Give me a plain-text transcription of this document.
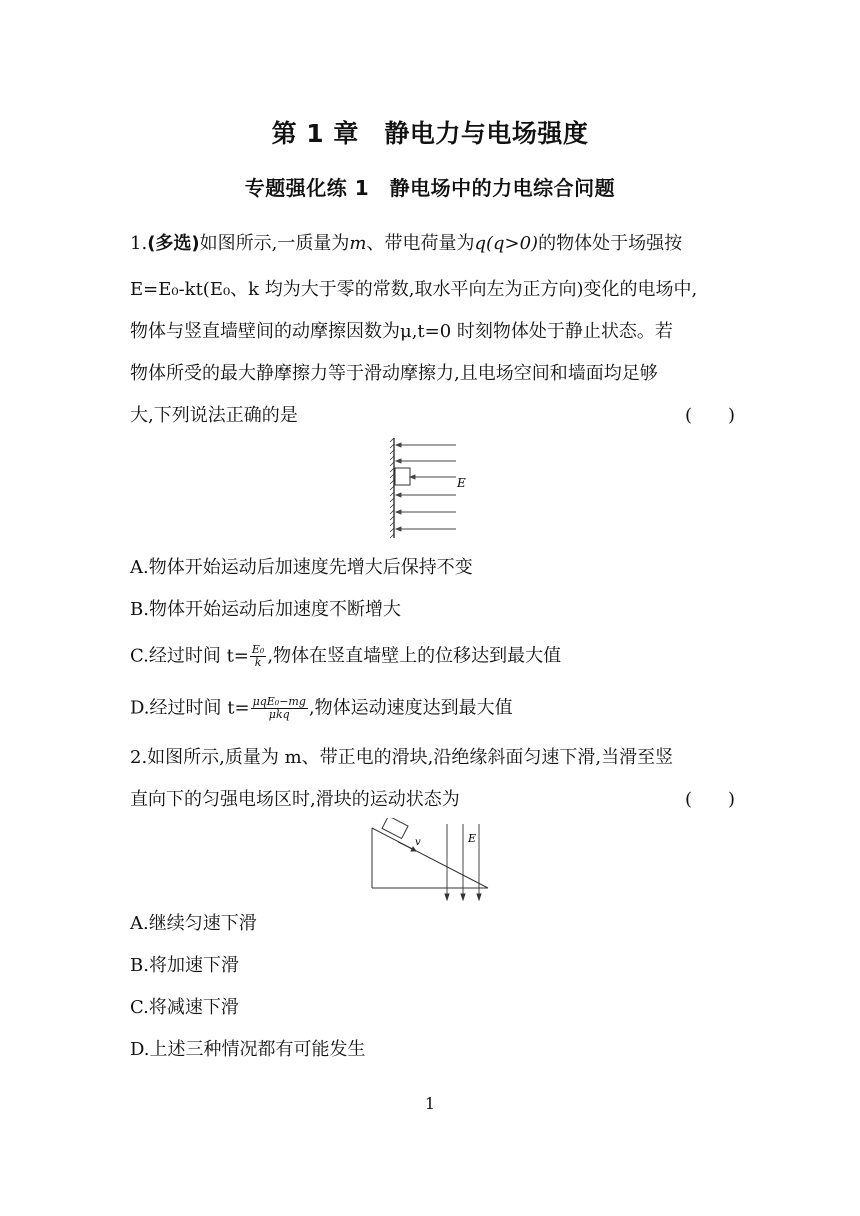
第 1 章　静电力与电场强度
专题强化练 1　静电场中的力电综合问题
1.(多选)如图所示,一质量为m、带电荷量为q(q>0)的物体处于场强按
E=E₀-kt(E₀、k 均为大于零的常数,取水平向左为正方向)变化的电场中,
物体与竖直墙壁间的动摩擦因数为μ,t=0 时刻物体处于静止状态。若
物体所受的最大静摩擦力等于滑动摩擦力,且电场空间和墙面均足够
大,下列说法正确的是	(　　)
E
A.物体开始运动后加速度先增大后保持不变
B.物体开始运动后加速度不断增大
C.经过时间 $t= \frac{\text{E₀}}{k}$ ,物体在竖直墙壁上的位移达到最大值
D.经过时间 $t= \frac{\text{μqE₀−mg}}{\text{μkq}}$ ,物体运动速度达到最大值
2.如图所示,质量为 m、带正电的滑块,沿绝缘斜面匀速下滑,当滑至竖
直向下的匀强电场区时,滑块的运动状态为	(　　)
v	E
A.继续匀速下滑
B.将加速下滑
C.将减速下滑
D.上述三种情况都有可能发生
1
